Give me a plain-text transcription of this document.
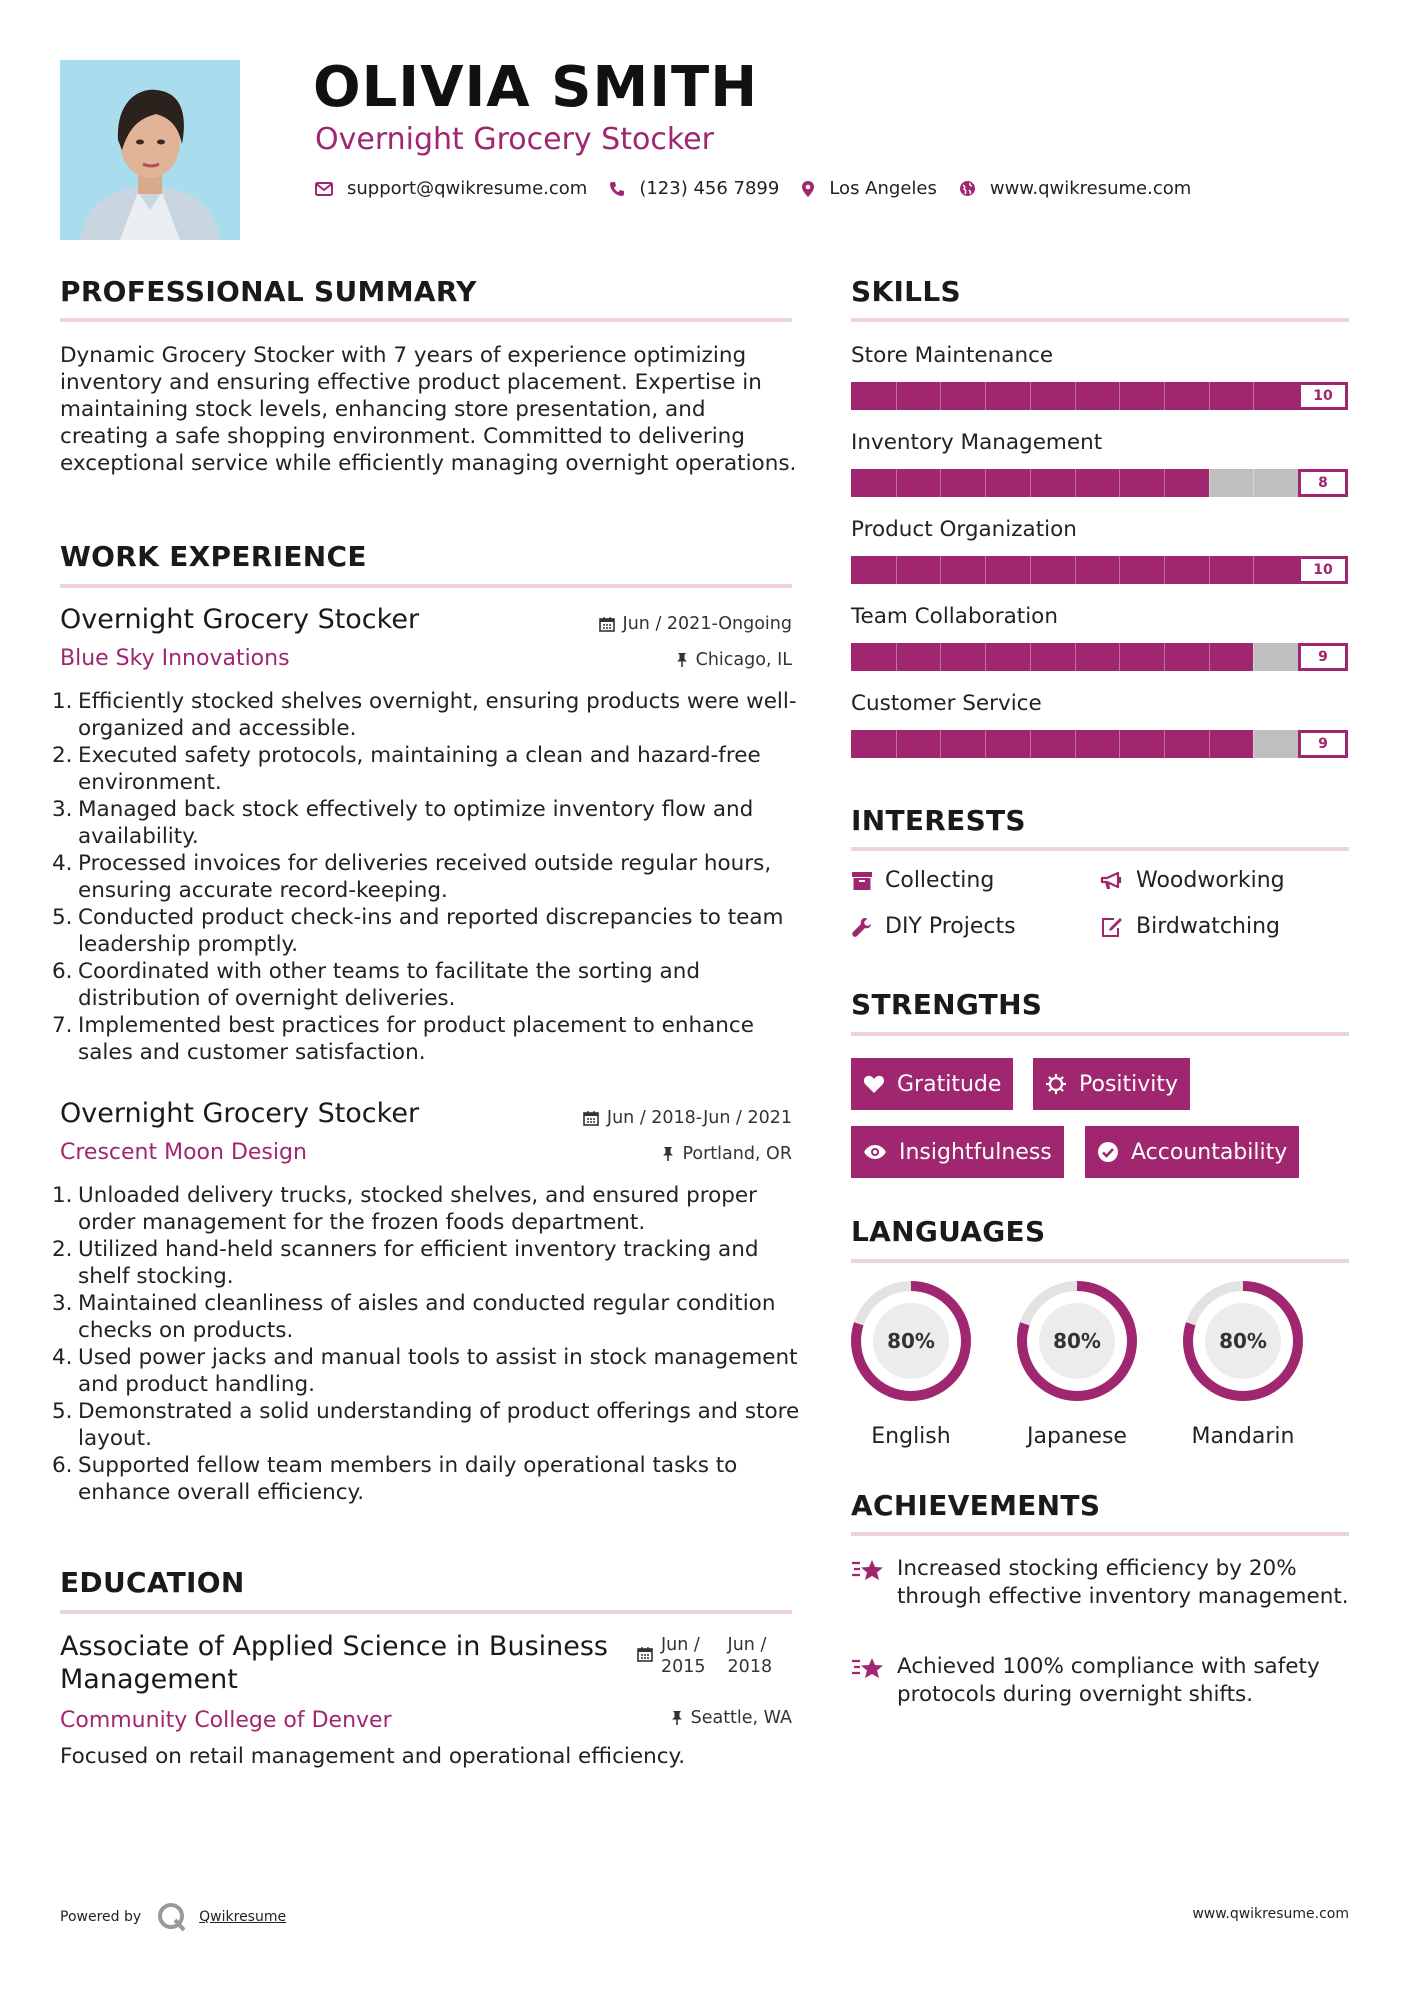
OLIVIA SMITH
Overnight Grocery Stocker
support@qwikresume.com	(123) 456 7899	Los Angeles	www.qwikresume.com
PROFESSIONAL SUMMARY
Dynamic Grocery Stocker with 7 years of experience optimizing inventory and ensuring effective product placement. Expertise in maintaining stock levels, enhancing store presentation, and creating a safe shopping environment. Committed to delivering exceptional service while efficiently managing overnight operations.
WORK EXPERIENCE
Overnight Grocery Stocker	Jun / 2021-Ongoing
Blue Sky Innovations	Chicago, IL
1. Efficiently stocked shelves overnight, ensuring products were well-organized and accessible.
2. Executed safety protocols, maintaining a clean and hazard-free environment.
3. Managed back stock effectively to optimize inventory flow and availability.
4. Processed invoices for deliveries received outside regular hours, ensuring accurate record-keeping.
5. Conducted product check-ins and reported discrepancies to team leadership promptly.
6. Coordinated with other teams to facilitate the sorting and distribution of overnight deliveries.
7. Implemented best practices for product placement to enhance sales and customer satisfaction.
Overnight Grocery Stocker	Jun / 2018-Jun / 2021
Crescent Moon Design	Portland, OR
1. Unloaded delivery trucks, stocked shelves, and ensured proper order management for the frozen foods department.
2. Utilized hand-held scanners for efficient inventory tracking and shelf stocking.
3. Maintained cleanliness of aisles and conducted regular condition checks on products.
4. Used power jacks and manual tools to assist in stock management and product handling.
5. Demonstrated a solid understanding of product offerings and store layout.
6. Supported fellow team members in daily operational tasks to enhance overall efficiency.
EDUCATION
Associate of Applied Science in Business Management
Jun /
2015
Jun /
2018
Community College of Denver	Seattle, WA
Focused on retail management and operational efficiency.
SKILLS
Store Maintenance
10
Inventory Management
8
Product Organization
10
Team Collaboration
9
Customer Service
9
INTERESTS
Collecting	Woodworking
DIY Projects	Birdwatching
STRENGTHS
Gratitude	Positivity
Insightfulness	Accountability
LANGUAGES
80%
English
80%
Japanese
80%
Mandarin
ACHIEVEMENTS
Increased stocking efficiency by 20% through effective inventory management.
Achieved 100% compliance with safety protocols during overnight shifts.
Powered by	Qwikresume	www.qwikresume.com
